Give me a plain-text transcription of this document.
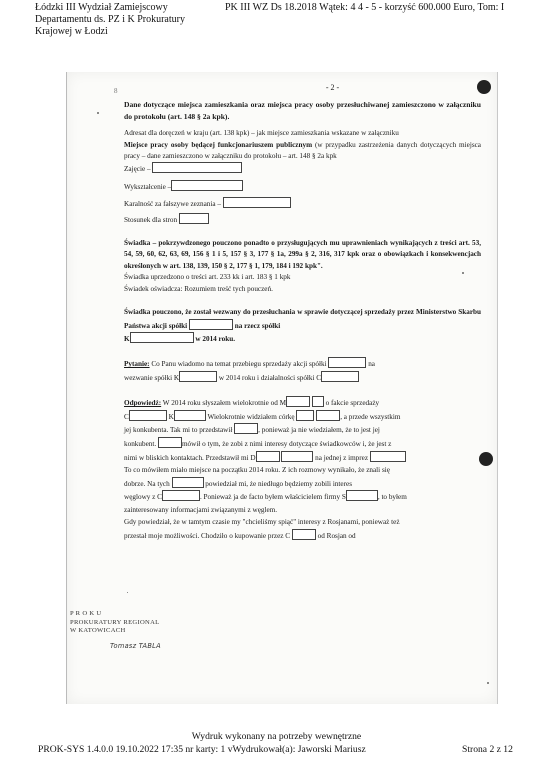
Łódzki III Wydział Zamiejscowy
Departamentu ds. PZ i K Prokuratury
Krajowej w Łodzi
PK III WZ Ds 18.2018 Wątek: 4 4 - 5 - korzyść 600.000 Euro, Tom: I
8	- 2 -

Dane dotyczące miejsca zamieszkania oraz miejsca pracy osoby przesłuchiwanej zamieszczono w załączniku do protokołu (art. 148 § 2a kpk).

Adresat dla doręczeń w kraju (art. 138 kpk) – jak miejsce zamieszkania wskazane w załączniku

Miejsce pracy osoby będącej funkcjonariuszem publicznym (w przypadku zastrzeżenia danych dotyczących miejsca pracy – dane zamieszczono w załączniku do protokołu – art. 148 § 2a kpk

Zajęcie –
Wykształcenie –
Karalność za fałszywe zeznania –
Stosunek dla stron

Świadka – pokrzywdzonego pouczono ponadto o przysługujących mu uprawnieniach wynikających z treści art. 53, 54, 59, 60, 62, 63, 69, 156 § 1 i 5, 157 § 3, 177 § 1a, 299a § 2, 316, 317 kpk oraz o obowiązkach i konsekwencjach określonych w art. 138, 139, 150 § 2, 177 § 1, 179, 184 i 192 kpk".

Świadka uprzedzono o treści art. 233 kk i art. 183 § 1 kpk

Świadek oświadcza: Rozumiem treść tych pouczeń.

Świadka pouczono, że został wezwany do przesłuchania w sprawie dotyczącej sprzedaży przez Ministerstwo Skarbu Państwa akcji spółki	na rzecz spółki
K	w 2014 roku.

Pytanie: Co Panu wiadomo na temat przebiegu sprzedaży akcji spółki	na
wezwanie spółki K	w 2014 roku i działalności spółki C

Odpowiedź: W 2014 roku słyszałem wielokrotnie od M	o fakcie sprzedaży
C	K	Wielokrotnie widziałem córkę	, a przede wszystkim
jej konkubenta. Tak mi to przedstawił	, ponieważ ja nie wiedziałem, że to jest jej
konkubent.	mówił o tym, że zobi z nimi interesy dotyczące świadkowców i, że jest z
nimi w bliskich kontaktach. Przedstawił mi D	na jednej z imprez
To co mówiłem miało miejsce na początku 2014 roku. Z ich rozmowy wynikało, że znali się
dobrze. Na tych	powiedział mi, że niedługo będziemy zobili interes
węglowy z C	. Ponieważ ja de facto byłem właścicielem firmy S	, to byłem
zainteresowany informacjami związanymi z węglem.
Gdy powiedział, że w tamtym czasie my "chcieliśmy spiąć" interesy z Rosjanami, ponieważ też
przestał moje możliwości. Chodziło o kupowanie przez C	od Rosjan od

P R O K U
PROKURATURY REGIONAL
W KATOWICACH
Tomasz TABLA
Wydruk wykonany na potrzeby wewnętrzne
PROK-SYS 1.4.0.0 19.10.2022 17:35 nr karty: 1 vWydrukował(a): Jaworski Mariusz	Strona 2 z 12
